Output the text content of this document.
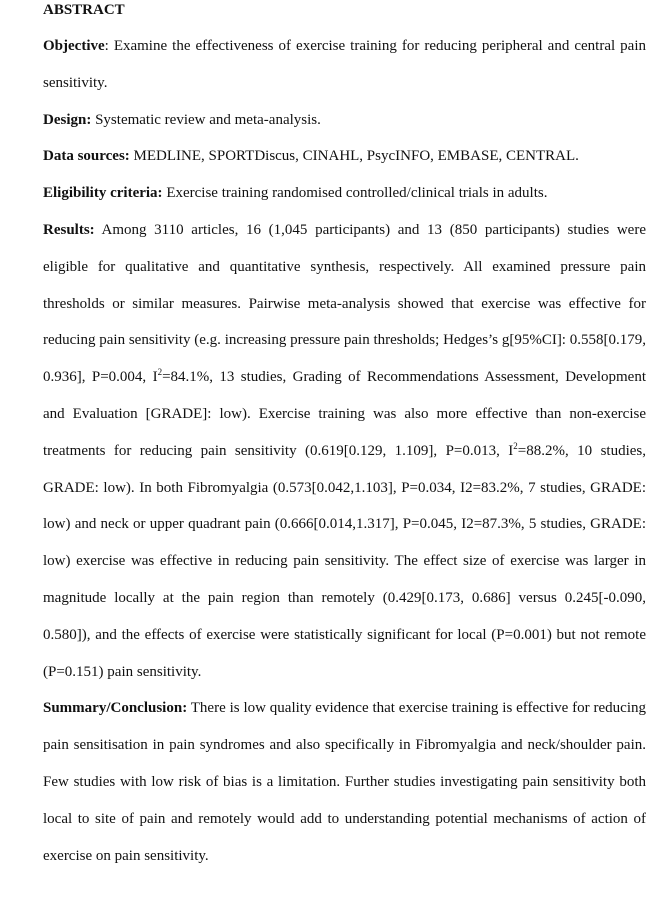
ABSTRACT

Objective: Examine the effectiveness of exercise training for reducing peripheral and central pain sensitivity.

Design: Systematic review and meta-analysis.

Data sources: MEDLINE, SPORTDiscus, CINAHL, PsycINFO, EMBASE, CENTRAL.

Eligibility criteria: Exercise training randomised controlled/clinical trials in adults.

Results: Among 3110 articles, 16 (1,045 participants) and 13 (850 participants) studies were eligible for qualitative and quantitative synthesis, respectively. All examined pressure pain thresholds or similar measures. Pairwise meta-analysis showed that exercise was effective for reducing pain sensitivity (e.g. increasing pressure pain thresholds; Hedges’s g[95%CI]: 0.558[0.179, 0.936], P=0.004, $I^2=84.1\%$, 13 studies, Grading of Recommendations Assessment, Development and Evaluation [GRADE]: low). Exercise training was also more effective than non-exercise treatments for reducing pain sensitivity (0.619[0.129, 1.109], P=0.013, $I^2=88.2\%$, 10 studies, GRADE: low). In both Fibromyalgia (0.573[0.042,1.103], P=0.034, I2=83.2%, 7 studies, GRADE: low) and neck or upper quadrant pain (0.666[0.014,1.317], P=0.045, I2=87.3%, 5 studies, GRADE: low) exercise was effective in reducing pain sensitivity. The effect size of exercise was larger in magnitude locally at the pain region than remotely (0.429[0.173, 0.686] versus 0.245[-0.090, 0.580]), and the effects of exercise were statistically significant for local (P=0.001) but not remote (P=0.151) pain sensitivity.

Summary/Conclusion: There is low quality evidence that exercise training is effective for reducing pain sensitisation in pain syndromes and also specifically in Fibromyalgia and neck/shoulder pain. Few studies with low risk of bias is a limitation. Further studies investigating pain sensitivity both local to site of pain and remotely would add to understanding potential mechanisms of action of exercise on pain sensitivity.
